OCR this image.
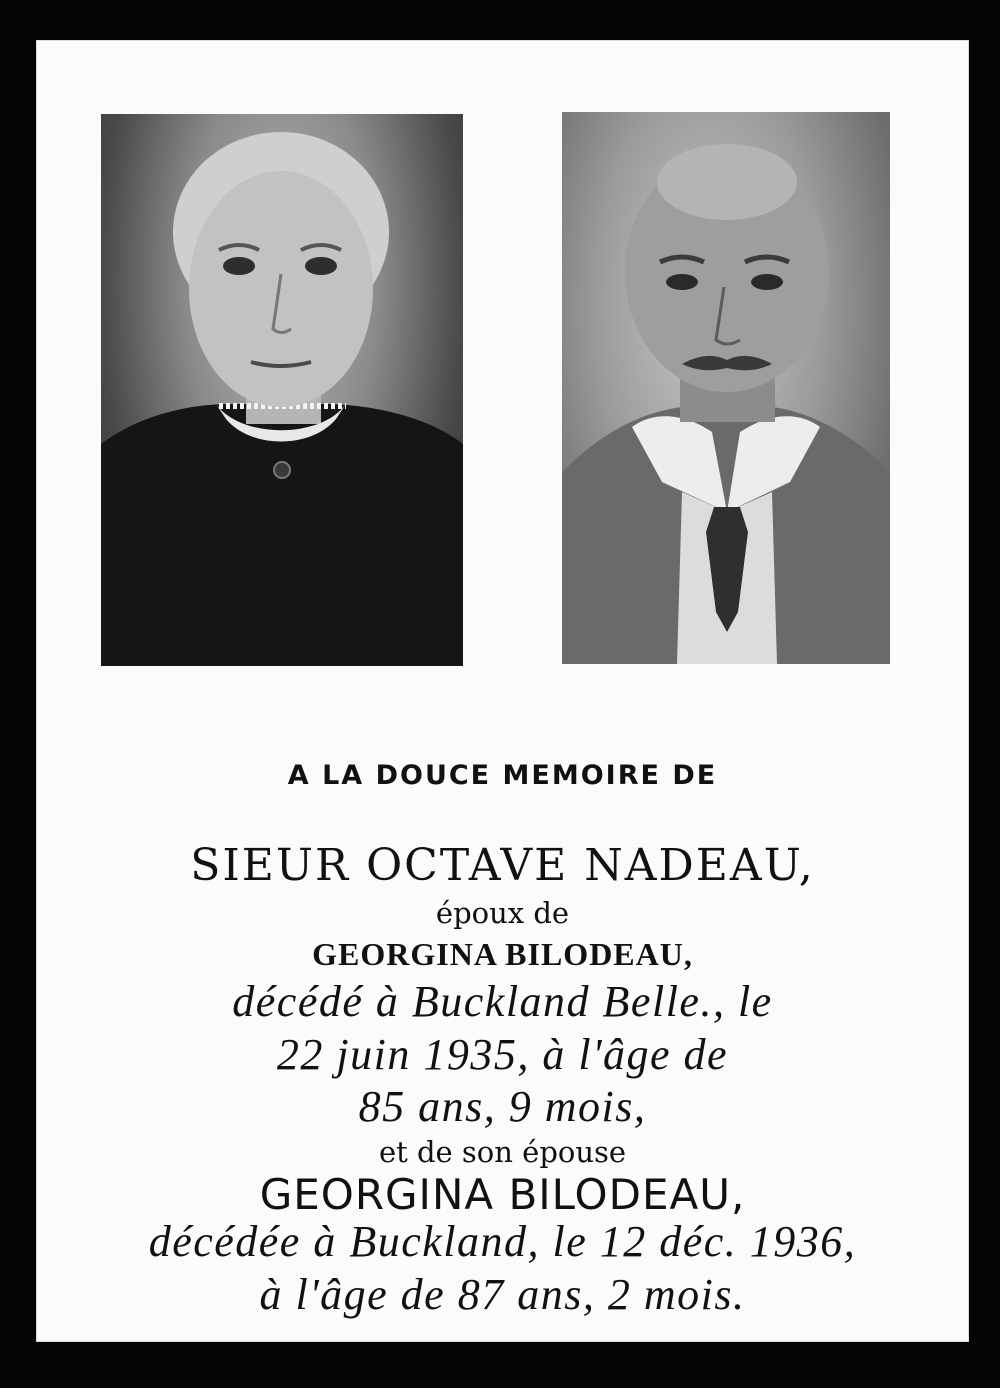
A LA DOUCE MEMOIRE DE
SIEUR OCTAVE NADEAU,
époux de
GEORGINA BILODEAU,
décédé à Buckland Belle., le
22 juin 1935, à l'âge de
85 ans, 9 mois,
et de son épouse
GEORGINA BILODEAU,
décédée à Buckland, le 12 déc. 1936,
à l'âge de 87 ans, 2 mois.
